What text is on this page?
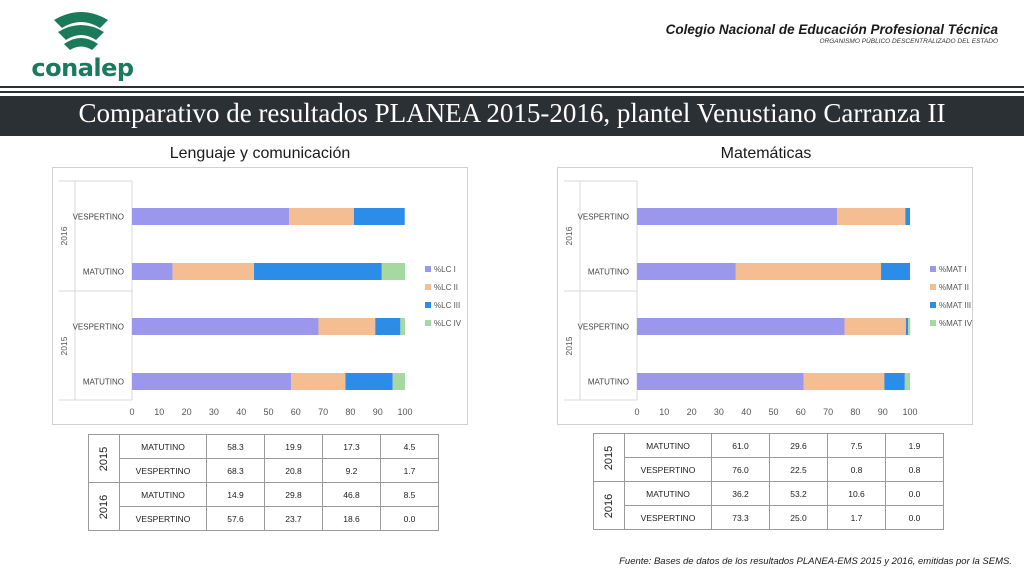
conalep
Colegio Nacional de Educación Profesional Técnica
ORGANISMO PÚBLICO DESCENTRALIZADO DEL ESTADO
Comparativo de resultados PLANEA 2015-2016, plantel Venustiano Carranza II
Lenguaje y comunicación	Matemáticas
2016
2015
VESPERTINO
MATUTINO
VESPERTINO
MATUTINO
0 10 20 30 40 50 60 70 80 90 100
%LC I
%LC II
%LC III
%LC IV
2016
2015
VESPERTINO
MATUTINO
VESPERTINO
MATUTINO
0 10 20 30 40 50 60 70 80 90 100
%MAT I
%MAT II
%MAT III
%MAT IV
2015	MATUTINO	58.3	19.9	17.3	4.5
	VESPERTINO	68.3	20.8	9.2	1.7
2016	MATUTINO	14.9	29.8	46.8	8.5
	VESPERTINO	57.6	23.7	18.6	0.0
2015	MATUTINO	61.0	29.6	7.5	1.9
	VESPERTINO	76.0	22.5	0.8	0.8
2016	MATUTINO	36.2	53.2	10.6	0.0
	VESPERTINO	73.3	25.0	1.7	0.0
Fuente: Bases de datos de los resultados PLANEA-EMS 2015 y 2016, emitidas por la SEMS.
